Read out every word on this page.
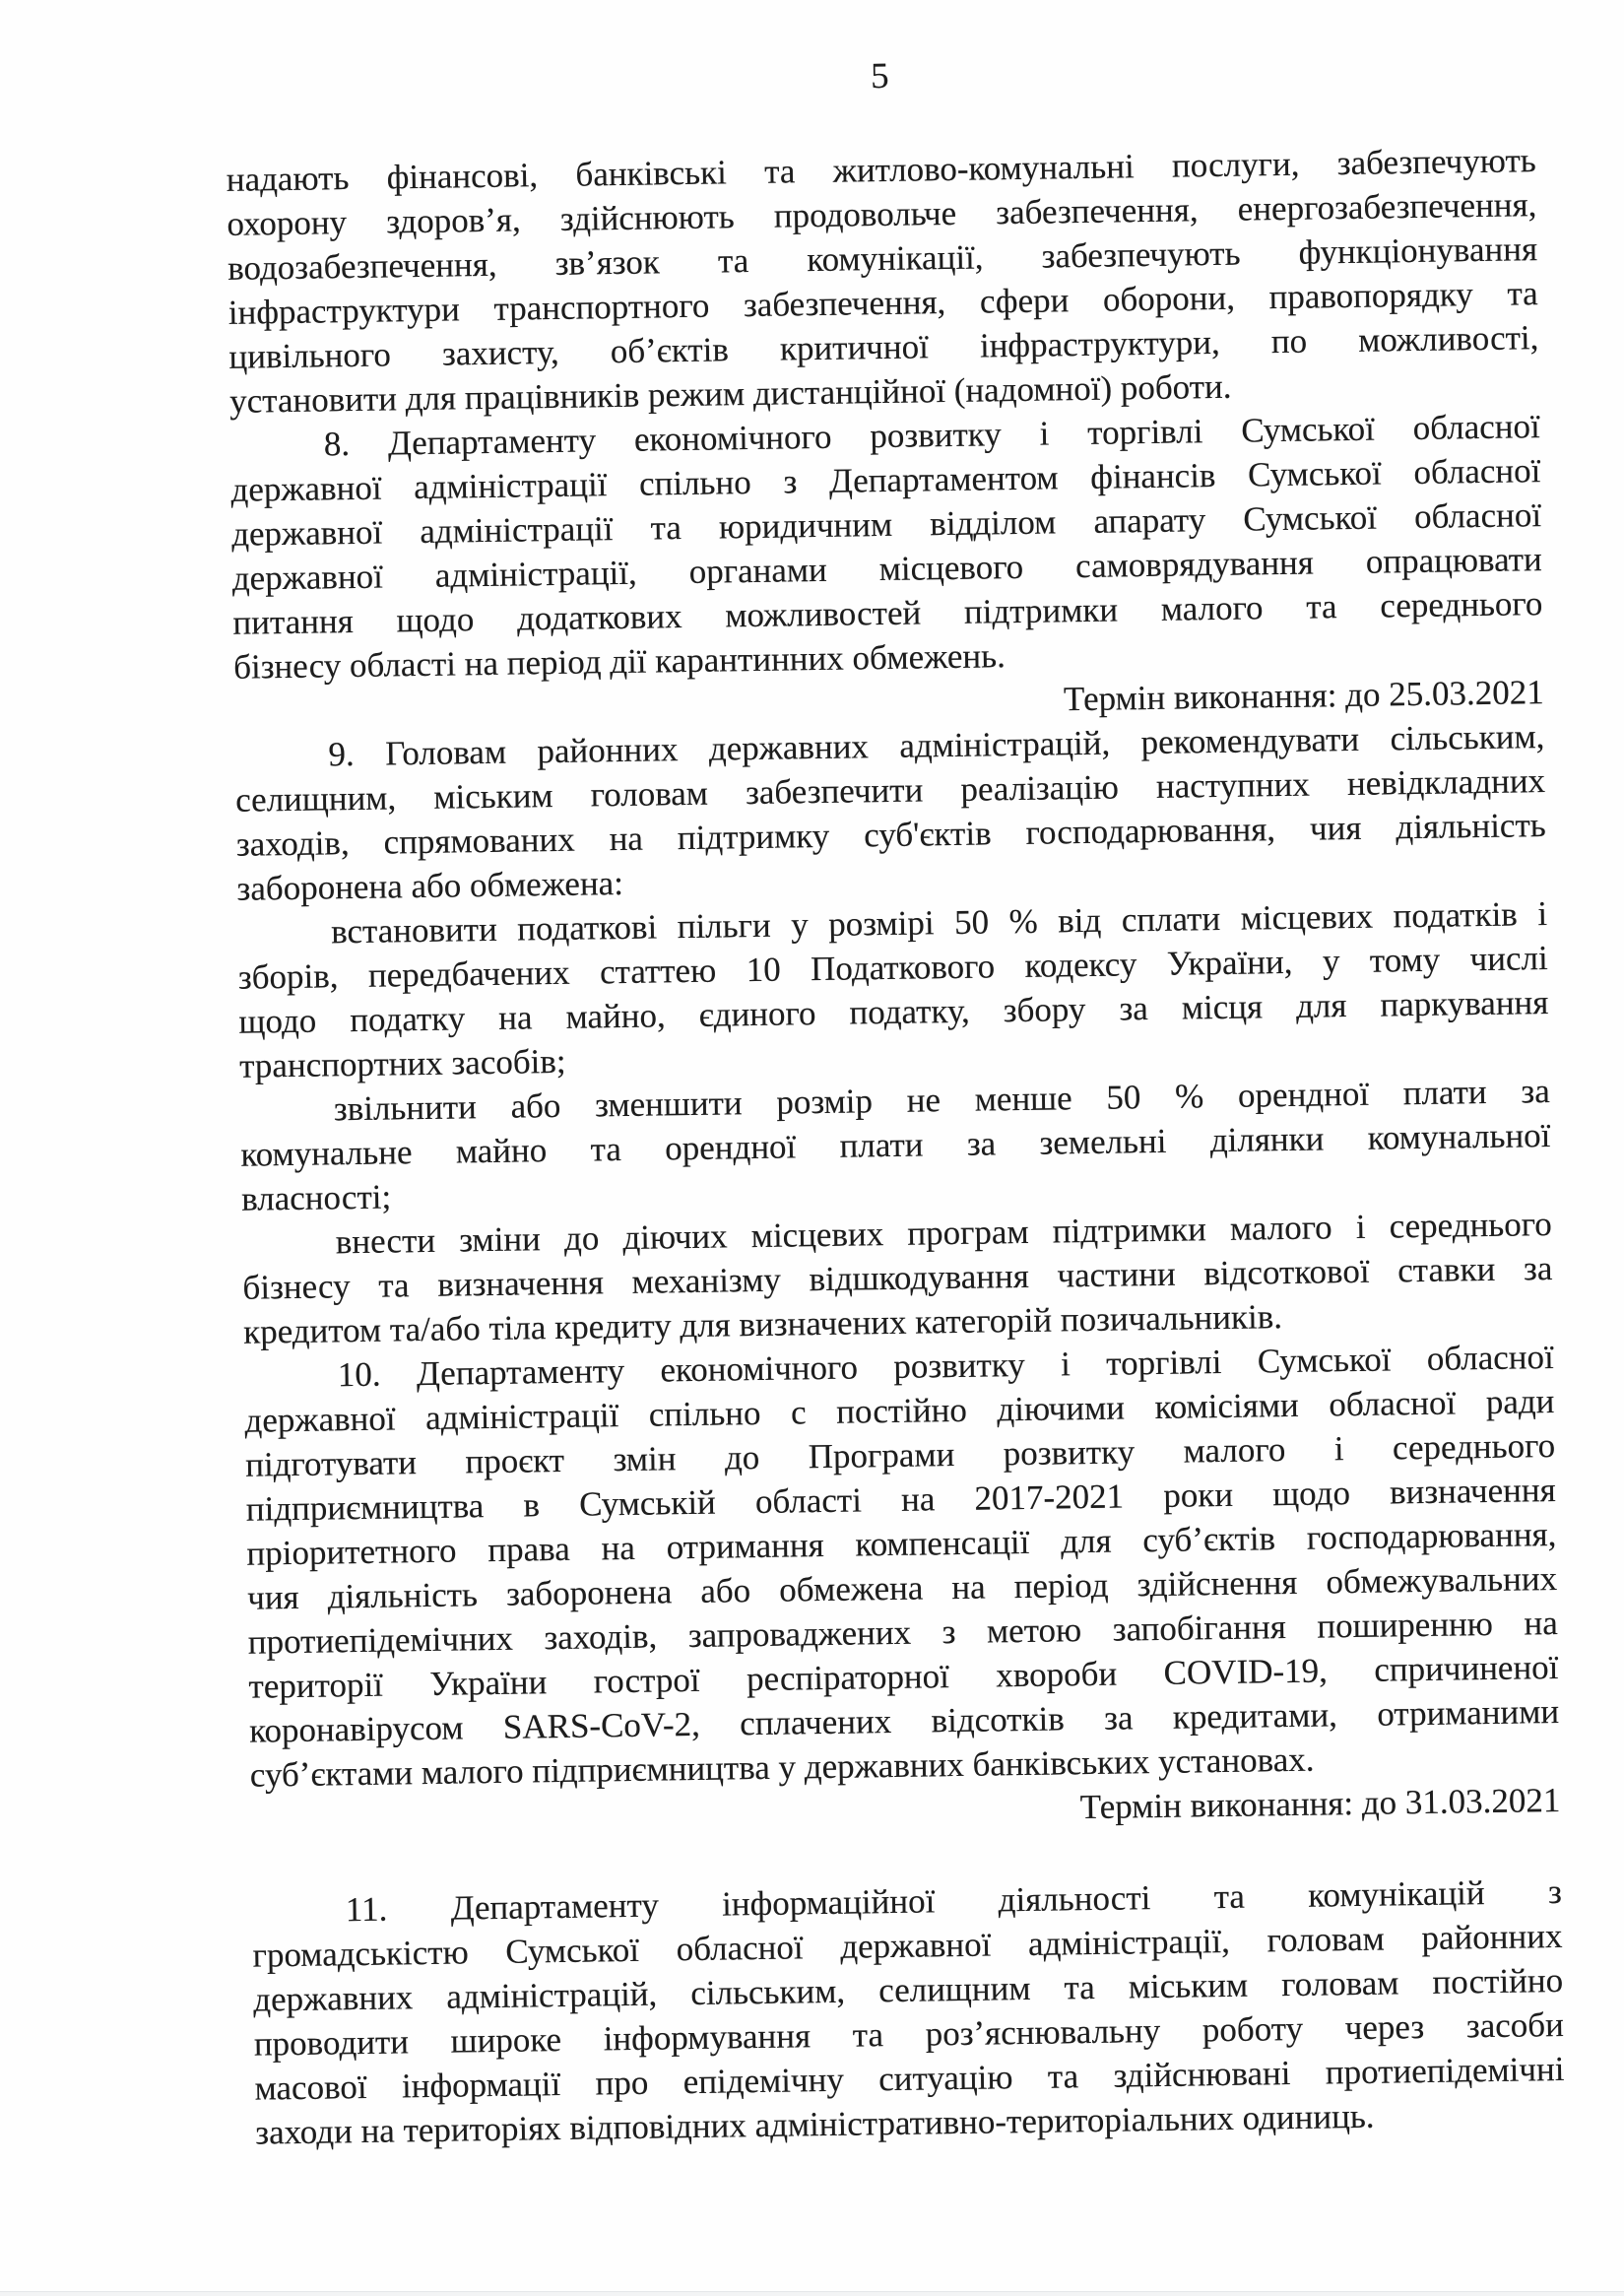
5
надають фінансові, банківські та житлово-комунальні послуги, забезпечують
охорону здоров’я, здійснюють продовольче забезпечення, енергозабезпечення,
водозабезпечення, зв’язок та комунікації, забезпечують функціонування
інфраструктури транспортного забезпечення, сфери оборони, правопорядку та
цивільного захисту, об’єктів критичної інфраструктури, по можливості,
установити для працівників режим дистанційної (надомної) роботи.
8. Департаменту економічного розвитку і торгівлі Сумської обласної
державної адміністрації спільно з Департаментом фінансів Сумської обласної
державної адміністрації та юридичним відділом апарату Сумської обласної
державної адміністрації, органами місцевого самоврядування опрацювати
питання щодо додаткових можливостей підтримки малого та середнього
бізнесу області на період дії карантинних обмежень.
Термін виконання: до 25.03.2021
9. Головам районних державних адміністрацій, рекомендувати сільським,
селищним, міським головам забезпечити реалізацію наступних невідкладних
заходів, спрямованих на підтримку суб'єктів господарювання, чия діяльність
заборонена або обмежена:
встановити податкові пільги у розмірі 50 % від сплати місцевих податків і
зборів, передбачених статтею 10 Податкового кодексу України, у тому числі
щодо податку на майно, єдиного податку, збору за місця для паркування
транспортних засобів;
звільнити або зменшити розмір не менше 50 % орендної плати за
комунальне майно та орендної плати за земельні ділянки комунальної
власності;
внести зміни до діючих місцевих програм підтримки малого і середнього
бізнесу та визначення механізму відшкодування частини відсоткової ставки за
кредитом та/або тіла кредиту для визначених категорій позичальників.
10. Департаменту економічного розвитку і торгівлі Сумської обласної
державної адміністрації спільно с постійно діючими комісіями обласної ради
підготувати проєкт змін до Програми розвитку малого і середнього
підприємництва в Сумській області на 2017-2021 роки щодо визначення
пріоритетного права на отримання компенсації для суб’єктів господарювання,
чия діяльність заборонена або обмежена на період здійснення обмежувальних
протиепідемічних заходів, запроваджених з метою запобігання поширенню на
території України гострої респіраторної хвороби COVID-19, спричиненої
коронавірусом SARS-CoV-2, сплачених відсотків за кредитами, отриманими
суб’єктами малого підприємництва у державних банківських установах.
Термін виконання: до 31.03.2021
11. Департаменту інформаційної діяльності та комунікацій з
громадськістю Сумської обласної державної адміністрації, головам районних
державних адміністрацій, сільським, селищним та міським головам постійно
проводити широке інформування та роз’яснювальну роботу через засоби
масової інформації про епідемічну ситуацію та здійснювані протиепідемічні
заходи на територіях відповідних адміністративно-територіальних одиниць.
